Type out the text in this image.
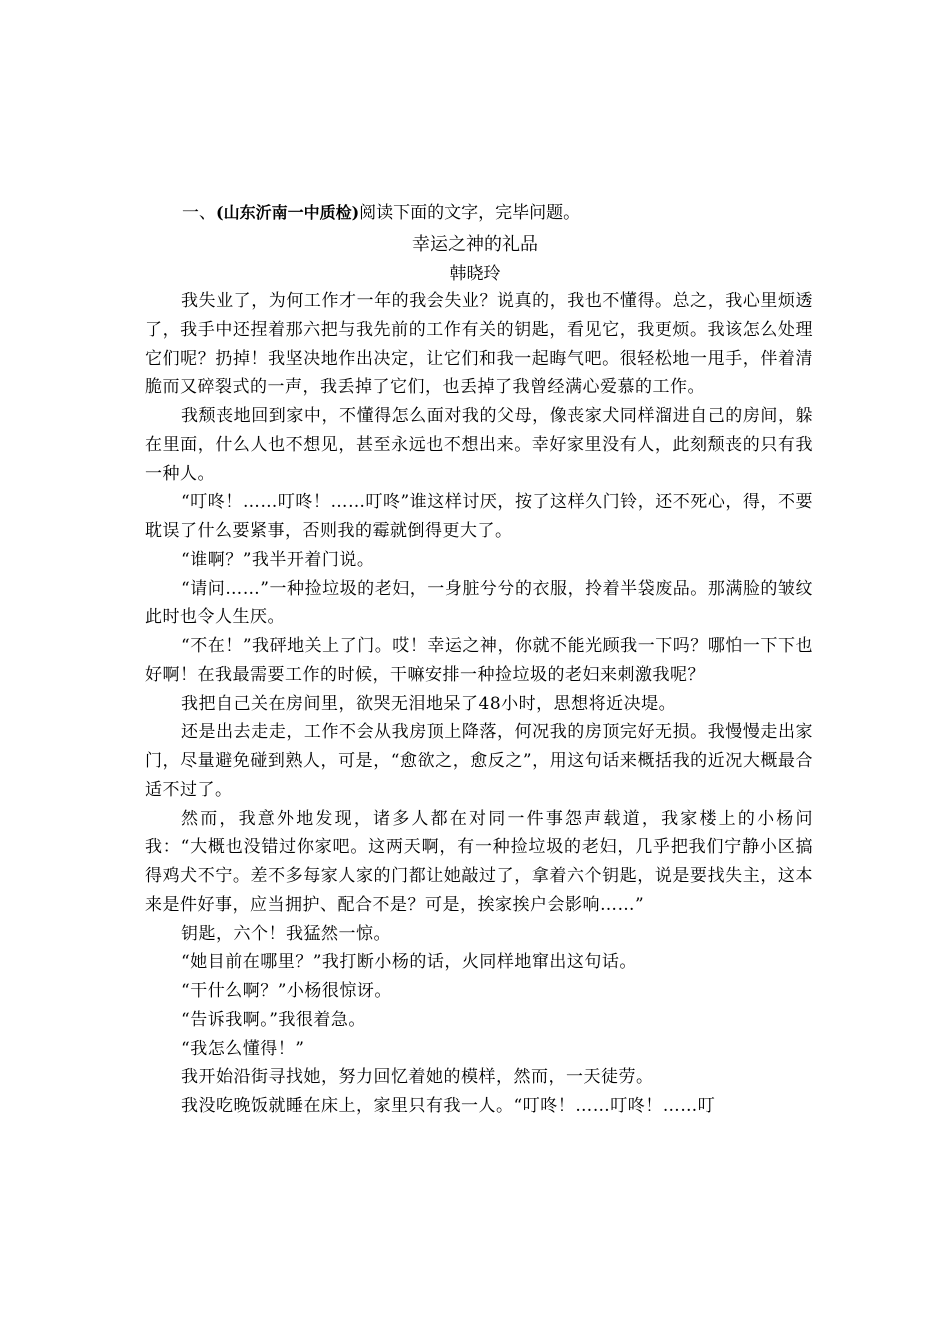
一、(山东沂南一中质检)阅读下面的文字，完毕问题。
幸运之神的礼品
韩晓玲

我失业了，为何工作才一年的我会失业？说真的，我也不懂得。总之，我心里烦透了，我手中还捏着那六把与我先前的工作有关的钥匙，看见它，我更烦。我该怎么处理它们呢？扔掉！我坚决地作出决定，让它们和我一起晦气吧。很轻松地一甩手，伴着清脆而又碎裂式的一声，我丢掉了它们，也丢掉了我曾经满心爱慕的工作。

我颓丧地回到家中，不懂得怎么面对我的父母，像丧家犬同样溜进自己的房间，躲在里面，什么人也不想见，甚至永远也不想出来。幸好家里没有人，此刻颓丧的只有我一种人。

“叮咚！……叮咚！……叮咚”谁这样讨厌，按了这样久门铃，还不死心，得，不要耽误了什么要紧事，否则我的霉就倒得更大了。

“谁啊？”我半开着门说。

“请问……”一种捡垃圾的老妇，一身脏兮兮的衣服，拎着半袋废品。那满脸的皱纹此时也令人生厌。

“不在！”我砰地关上了门。哎！幸运之神，你就不能光顾我一下吗？哪怕一下下也好啊！在我最需要工作的时候，干嘛安排一种捡垃圾的老妇来刺激我呢？

我把自己关在房间里，欲哭无泪地呆了48小时，思想将近决堤。

还是出去走走，工作不会从我房顶上降落，何况我的房顶完好无损。我慢慢走出家门，尽量避免碰到熟人，可是，“愈欲之，愈反之”，用这句话来概括我的近况大概最合适不过了。

然而，我意外地发现，诸多人都在对同一件事怨声载道，我家楼上的小杨问我：“大概也没错过你家吧。这两天啊，有一种捡垃圾的老妇，几乎把我们宁静小区搞得鸡犬不宁。差不多每家人家的门都让她敲过了，拿着六个钥匙，说是要找失主，这本来是件好事，应当拥护、配合不是？可是，挨家挨户会影响……”

钥匙，六个！我猛然一惊。

“她目前在哪里？”我打断小杨的话，火同样地窜出这句话。

“干什么啊？”小杨很惊讶。

“告诉我啊。”我很着急。

“我怎么懂得！”

我开始沿街寻找她，努力回忆着她的模样，然而，一天徒劳。

我没吃晚饭就睡在床上，家里只有我一人。“叮咚！……叮咚！……叮
